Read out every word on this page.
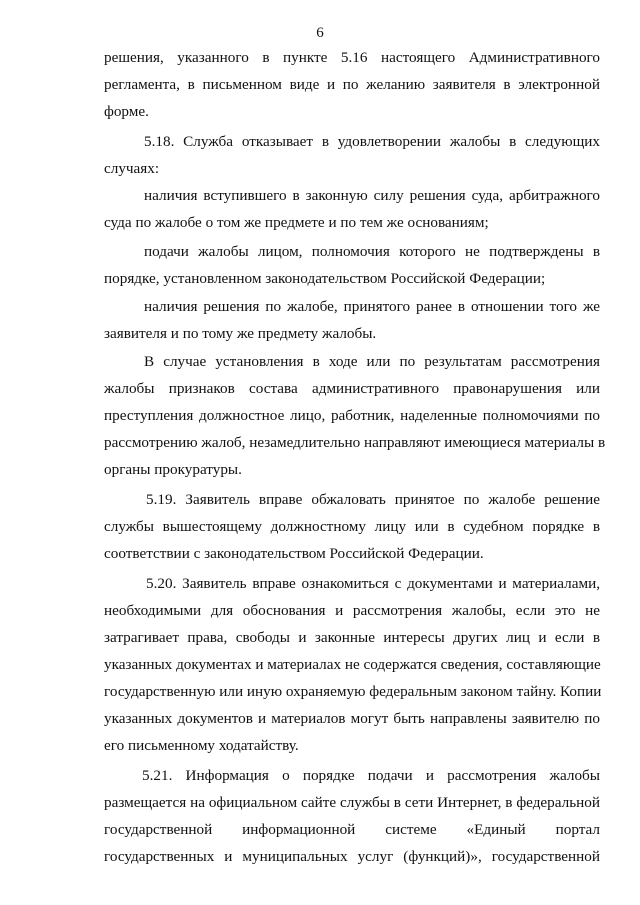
6
решения, указанного в пункте 5.16 настоящего Административного
регламента, в письменном виде и по желанию заявителя в электронной
форме.
5.18. Служба отказывает в удовлетворении жалобы в следующих
случаях:
наличия вступившего в законную силу решения суда, арбитражного
суда по жалобе о том же предмете и по тем же основаниям;
подачи жалобы лицом, полномочия которого не подтверждены в
порядке, установленном законодательством Российской Федерации;
наличия решения по жалобе, принятого ранее в отношении того же
заявителя и по тому же предмету жалобы.
В случае установления в ходе или по результатам рассмотрения
жалобы признаков состава административного правонарушения или
преступления должностное лицо, работник, наделенные полномочиями по
рассмотрению жалоб, незамедлительно направляют имеющиеся материалы в
органы прокуратуры.
5.19. Заявитель вправе обжаловать принятое по жалобе решение
службы вышестоящему должностному лицу или в судебном порядке в
соответствии с законодательством Российской Федерации.
5.20. Заявитель вправе ознакомиться с документами и материалами,
необходимыми для обоснования и рассмотрения жалобы, если это не
затрагивает права, свободы и законные интересы других лиц и если в
указанных документах и материалах не содержатся сведения, составляющие
государственную или иную охраняемую федеральным законом тайну. Копии
указанных документов и материалов могут быть направлены заявителю по
его письменному ходатайству.
5.21. Информация о порядке подачи и рассмотрения жалобы
размещается на официальном сайте службы в сети Интернет, в федеральной
государственной информационной системе «Единый портал
государственных и муниципальных услуг (функций)», государственной
